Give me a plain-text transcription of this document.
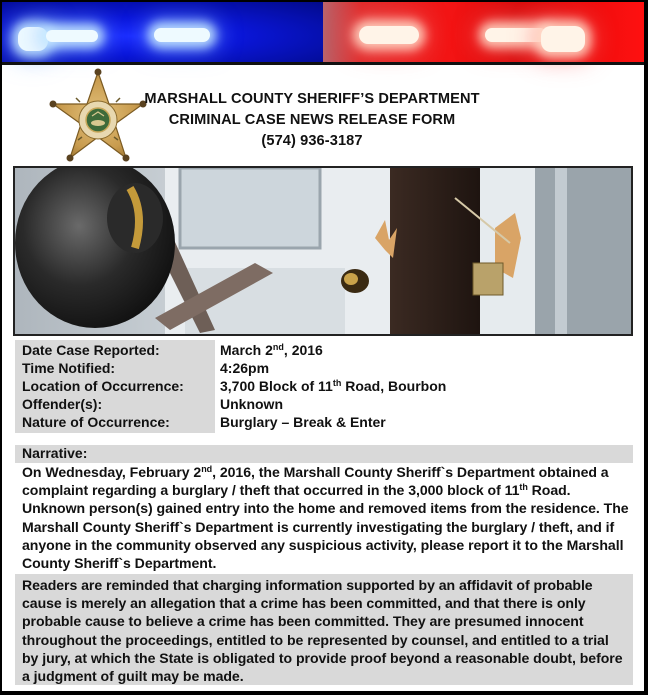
MARSHALL COUNTY SHERIFF’S DEPARTMENT
CRIMINAL CASE NEWS RELEASE FORM
(574) 936-3187
Date Case Reported:	March 2nd, 2016
Time Notified:	4:26pm
Location of Occurrence:	3,700 Block of 11th Road, Bourbon
Offender(s):	Unknown
Nature of Occurrence:	Burglary – Break & Enter
Narrative:
On Wednesday, February 2nd, 2016, the Marshall County Sheriff`s Department obtained a complaint regarding a burglary / theft that occurred in the 3,000 block of 11th Road. Unknown person(s) gained entry into the home and removed items from the residence. The Marshall County Sheriff`s Department is currently investigating the burglary / theft, and if anyone in the community observed any suspicious activity, please report it to the Marshall County Sheriff`s Department.

Readers are reminded that charging information supported by an affidavit of probable cause is merely an allegation that a crime has been committed, and that there is only probable cause to believe a crime has been committed. They are presumed innocent throughout the proceedings, entitled to be represented by counsel, and entitled to a trial by jury, at which the State is obligated to provide proof beyond a reasonable doubt, before a judgment of guilt may be made.
